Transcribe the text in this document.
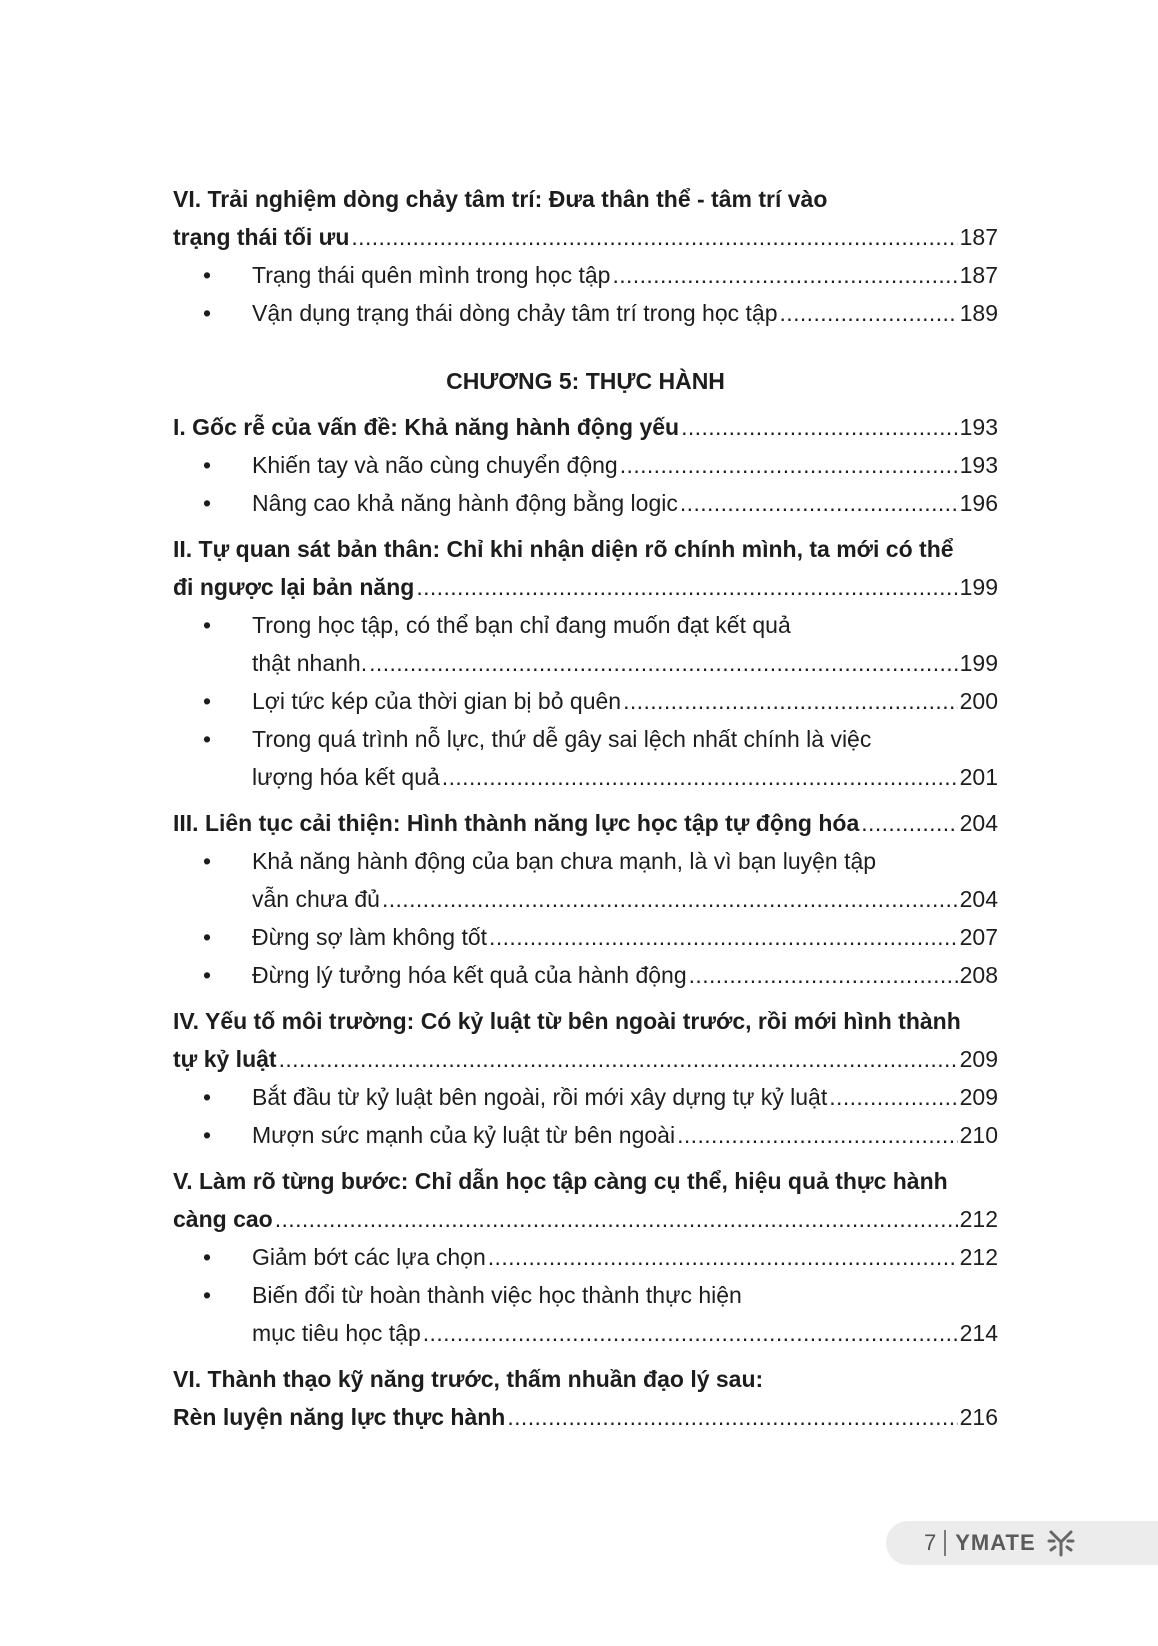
VI. Trải nghiệm dòng chảy tâm trí: Đưa thân thể - tâm trí vào
trạng thái tối ưu .....	187
• Trạng thái quên mình trong học tập .....	187
• Vận dụng trạng thái dòng chảy tâm trí trong học tập .....	189
CHƯƠNG 5: THỰC HÀNH
I. Gốc rễ của vấn đề: Khả năng hành động yếu .....	193
• Khiến tay và não cùng chuyển động .....	193
• Nâng cao khả năng hành động bằng logic .....	196
II. Tự quan sát bản thân: Chỉ khi nhận diện rõ chính mình, ta mới có thể
đi ngược lại bản năng .....	199
• Trong học tập, có thể bạn chỉ đang muốn đạt kết quả
thật nhanh. .....	199
• Lợi tức kép của thời gian bị bỏ quên .....	200
• Trong quá trình nỗ lực, thứ dễ gây sai lệch nhất chính là việc
lượng hóa kết quả .....	201
III. Liên tục cải thiện: Hình thành năng lực học tập tự động hóa .....	204
• Khả năng hành động của bạn chưa mạnh, là vì bạn luyện tập
vẫn chưa đủ .....	204
• Đừng sợ làm không tốt .....	207
• Đừng lý tưởng hóa kết quả của hành động .....	208
IV. Yếu tố môi trường: Có kỷ luật từ bên ngoài trước, rồi mới hình thành
tự kỷ luật .....	209
• Bắt đầu từ kỷ luật bên ngoài, rồi mới xây dựng tự kỷ luật .....	209
• Mượn sức mạnh của kỷ luật từ bên ngoài .....	210
V. Làm rõ từng bước: Chỉ dẫn học tập càng cụ thể, hiệu quả thực hành
càng cao .....	212
• Giảm bớt các lựa chọn .....	212
• Biến đổi từ hoàn thành việc học thành thực hiện
mục tiêu học tập .....	214
VI. Thành thạo kỹ năng trước, thấm nhuần đạo lý sau:
Rèn luyện năng lực thực hành .....	216
7 YMATE
